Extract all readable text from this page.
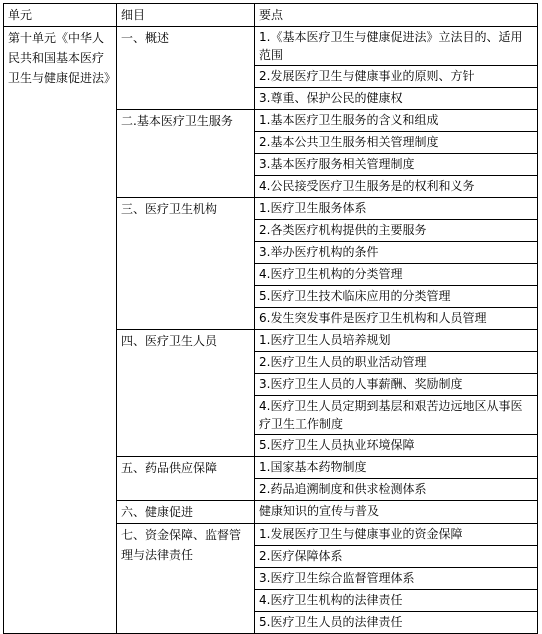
单元	细目	要点
第十单元《中华人民共和国基本医疗卫生与健康促进法》	一、概述	1.《基本医疗卫生与健康促进法》立法目的、适用范围
		2.发展医疗卫生与健康事业的原则、方针
		3.尊重、保护公民的健康权
	二.基本医疗卫生服务	1.基本医疗卫生服务的含义和组成
		2.基本公共卫生服务相关管理制度
		3.基本医疗服务相关管理制度
		4.公民接受医疗卫生服务是的权利和义务
	三、医疗卫生机构	1.医疗卫生服务体系
		2.各类医疗机构提供的主要服务
		3.举办医疗机构的条件
		4.医疗卫生机构的分类管理
		5.医疗卫生技术临床应用的分类管理
		6.发生突发事件是医疗卫生机构和人员管理
	四、医疗卫生人员	1.医疗卫生人员培养规划
		2.医疗卫生人员的职业活动管理
		3.医疗卫生人员的人事薪酬、奖励制度
		4.医疗卫生人员定期到基层和艰苦边远地区从事医疗卫生工作制度
		5.医疗卫生人员执业环境保障
	五、药品供应保障	1.国家基本药物制度
		2.药品追溯制度和供求检测体系
	六、健康促进	健康知识的宣传与普及
	七、资金保障、监督管理与法律责任	1.发展医疗卫生与健康事业的资金保障
		2.医疗保障体系
		3.医疗卫生综合监督管理体系
		4.医疗卫生机构的法律责任
		5.医疗卫生人员的法律责任
